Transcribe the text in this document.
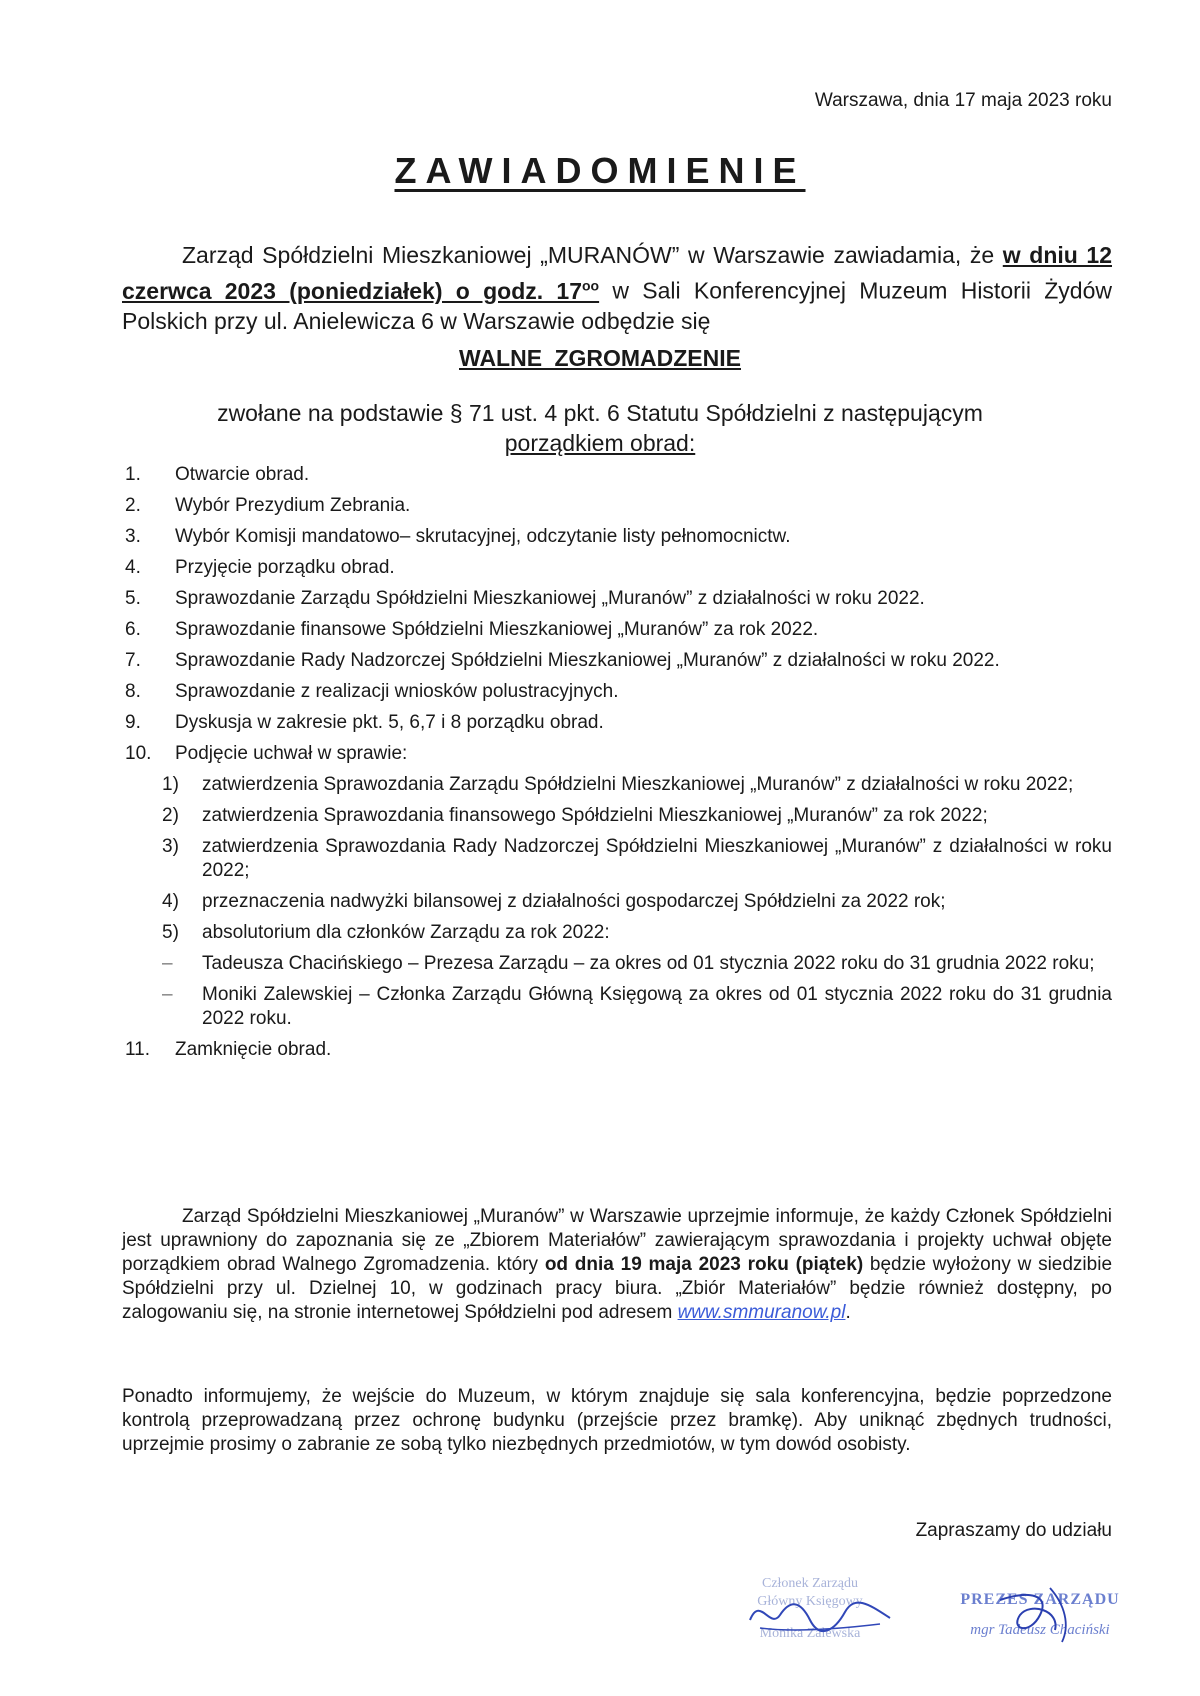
Warszawa, dnia 17 maja 2023 roku
ZAWIADOMIENIE
Zarząd Spółdzielni Mieszkaniowej „MURANÓW” w Warszawie zawiadamia, że w dniu 12 czerwca 2023 (poniedziałek) o godz. $17^{oo}$ w Sali Konferencyjnej Muzeum Historii Żydów Polskich przy ul. Anielewicza 6 w Warszawie odbędzie się
WALNE ZGROMADZENIE
zwołane na podstawie § 71 ust. 4 pkt. 6 Statutu Spółdzielni z następującym
porządkiem obrad:
1.	Otwarcie obrad.
2.	Wybór Prezydium Zebrania.
3.	Wybór Komisji mandatowo– skrutacyjnej, odczytanie listy pełnomocnictw.
4.	Przyjęcie porządku obrad.
5.	Sprawozdanie Zarządu Spółdzielni Mieszkaniowej „Muranów” z działalności w roku 2022.
6.	Sprawozdanie finansowe Spółdzielni Mieszkaniowej „Muranów” za rok 2022.
7.	Sprawozdanie Rady Nadzorczej Spółdzielni Mieszkaniowej „Muranów” z działalności w roku 2022.
8.	Sprawozdanie z realizacji wniosków polustracyjnych.
9.	Dyskusja w zakresie pkt. 5, 6,7 i 8 porządku obrad.
10.	Podjęcie uchwał w sprawie:
1)	zatwierdzenia Sprawozdania Zarządu Spółdzielni Mieszkaniowej „Muranów” z działalności w roku 2022;
2)	zatwierdzenia Sprawozdania finansowego Spółdzielni Mieszkaniowej „Muranów” za rok 2022;
3)	zatwierdzenia Sprawozdania Rady Nadzorczej Spółdzielni Mieszkaniowej „Muranów” z działalności w roku 2022;
4)	przeznaczenia nadwyżki bilansowej z działalności gospodarczej Spółdzielni za 2022 rok;
5)	absolutorium dla członków Zarządu za rok 2022:
–	Tadeusza Chacińskiego – Prezesa Zarządu – za okres od 01 stycznia 2022 roku do 31 grudnia 2022 roku;
–	Moniki Zalewskiej – Członka Zarządu Główną Księgową za okres od 01 stycznia 2022 roku do 31 grudnia 2022 roku.
11.	Zamknięcie obrad.
Zarząd Spółdzielni Mieszkaniowej „Muranów” w Warszawie uprzejmie informuje, że każdy Członek Spółdzielni jest uprawniony do zapoznania się ze „Zbiorem Materiałów” zawierającym sprawozdania i projekty uchwał objęte porządkiem obrad Walnego Zgromadzenia. który od dnia 19 maja 2023 roku (piątek) będzie wyłożony w siedzibie Spółdzielni przy ul. Dzielnej 10, w godzinach pracy biura. „Zbiór Materiałów” będzie również dostępny, po zalogowaniu się, na stronie internetowej Spółdzielni pod adresem www.smmuranow.pl.
Ponadto informujemy, że wejście do Muzeum, w którym znajduje się sala konferencyjna, będzie poprzedzone kontrolą przeprowadzaną przez ochronę budynku (przejście przez bramkę). Aby uniknąć zbędnych trudności, uprzejmie prosimy o zabranie ze sobą tylko niezbędnych przedmiotów, w tym dowód osobisty.
Zapraszamy do udziału
Członek Zarządu
Główny Księgowy
Monika Zalewska
PREZES ZARZĄDU
mgr Tadeusz Chaciński
